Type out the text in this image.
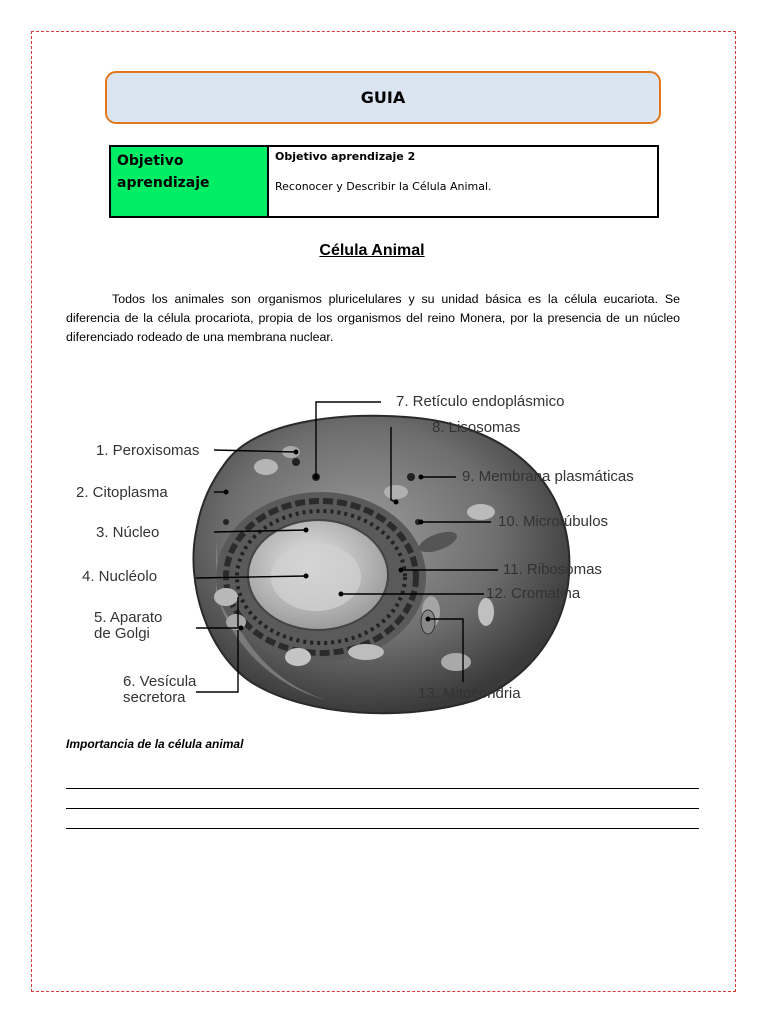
GUIA
Objetivo aprendizaje
Objetivo aprendizaje 2
Reconocer y Describir la Célula Animal.
Célula Animal
Todos los animales son organismos pluricelulares y su unidad básica es la célula eucariota. Se diferencia de la célula procariota, propia de los organismos del reino Monera, por la presencia de un núcleo diferenciado rodeado de una membrana nuclear.
1. Peroxisomas
2. Citoplasma
3. Núcleo
4. Nucléolo
5. Aparato
de Golgi
6. Vesícula
secretora
7. Retículo endoplásmico
8. Lisosomas
9. Membrana plasmáticas
10. Microtúbulos
11. Ribosomas
12. Cromatina
13. Mitocondria
Importancia de la célula animal
